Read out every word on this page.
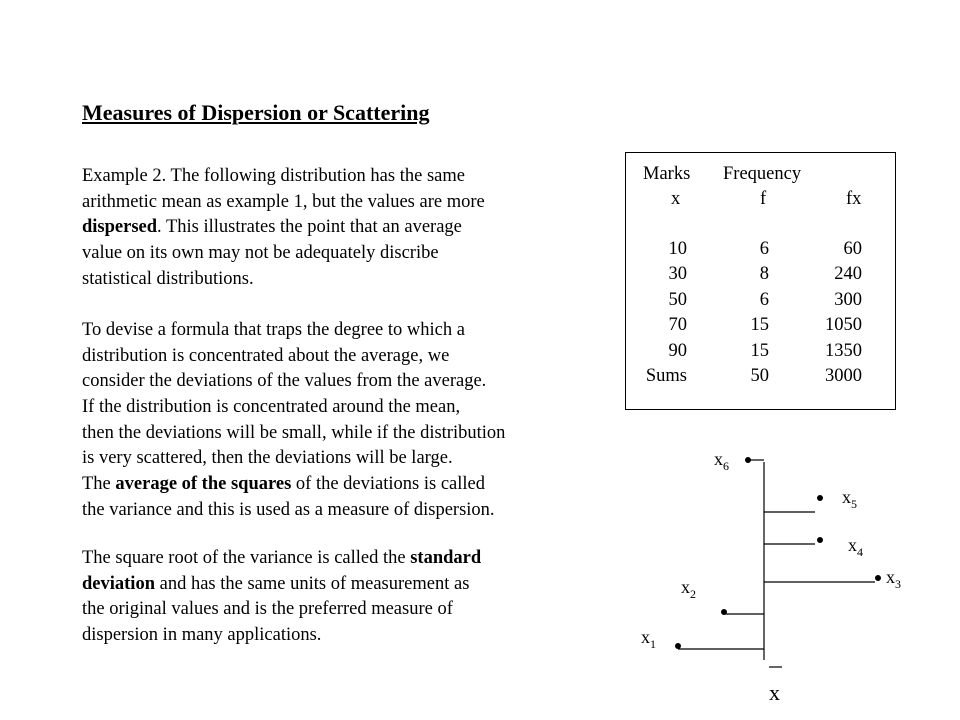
Measures of Dispersion or Scattering
Example 2. The following distribution has the same
arithmetic mean as example 1, but the values are more
dispersed. This illustrates the point that an average
value on its own may not be adequately discribe
statistical distributions.
To devise a formula that traps the degree to which a
distribution is concentrated about the average, we
consider the deviations of the values from the average.
If the distribution is concentrated around the mean,
then the deviations will be small, while if the distribution
is very scattered, then the deviations will be large.
The average of the squares of the deviations is called
the variance and this is used as a measure of dispersion.
The square root of the variance is called the standard
deviation and has the same units of measurement as
the original values and is the preferred measure of
dispersion in many applications.
Marks Frequency
x	f	fx
10	6	60
30	8	240
50	6	300
70	15	1050
90	15	1350
Sums	50	3000
$x_6$
$x_5$
$x_4$
$x_3$
$x_2$
$x_1$
x
